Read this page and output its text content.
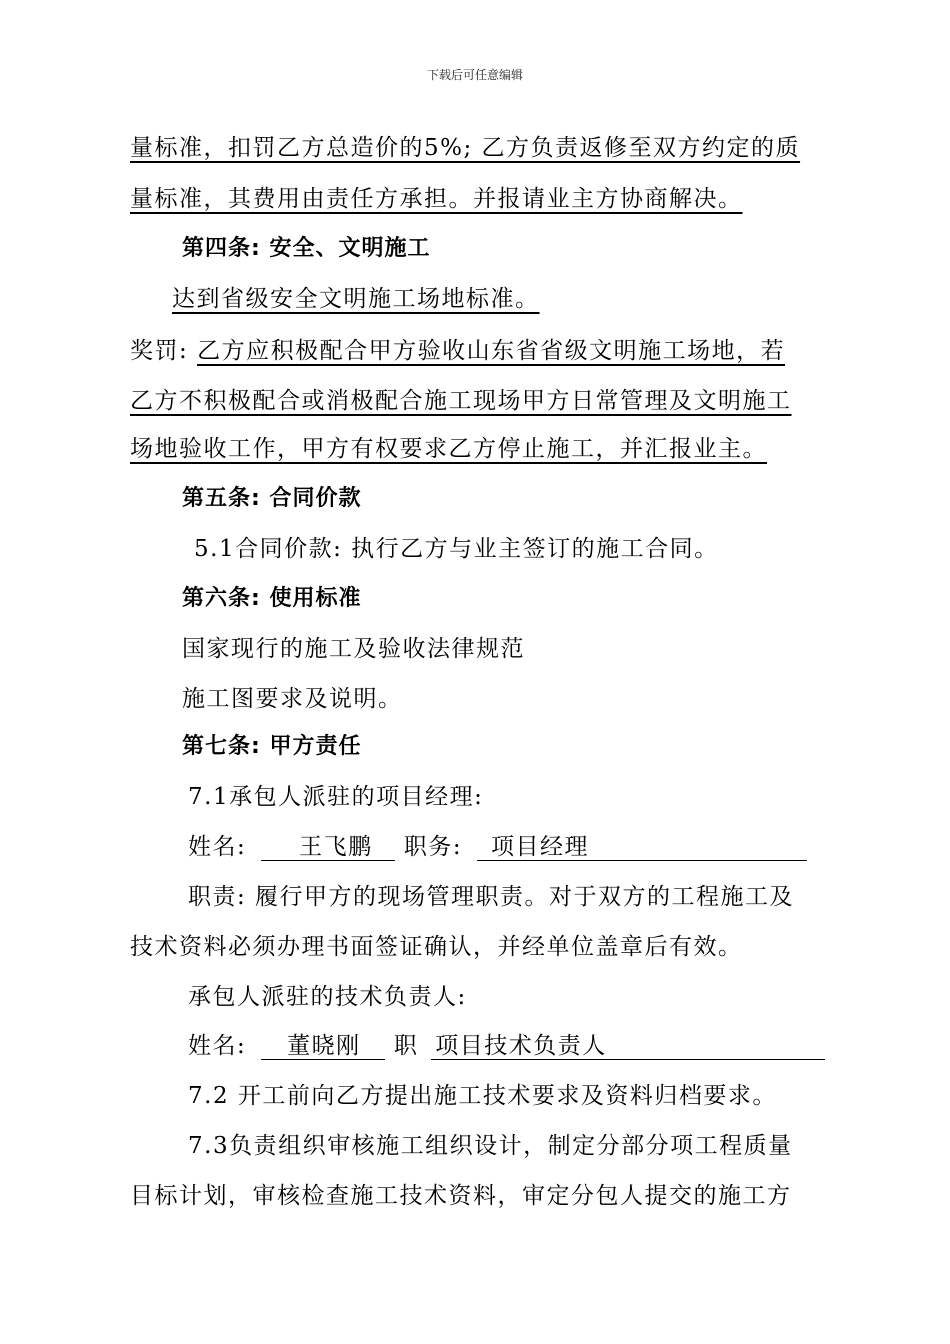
下载后可任意编辑
量标准，扣罚乙方总造价的5%; 乙方负责返修至双方约定的质
量标准，其费用由责任方承担。并报请业主方协商解决。
第四条: 安全、文明施工
达到省级安全文明施工场地标准。
奖罚: 乙方应积极配合甲方验收山东省省级文明施工场地，若
乙方不积极配合或消极配合施工现场甲方日常管理及文明施工
场地验收工作，甲方有权要求乙方停止施工，并汇报业主。
第五条: 合同价款
5.1合同价款: 执行乙方与业主签订的施工合同。
第六条: 使用标准
国家现行的施工及验收法律规范
施工图要求及说明。
第七条: 甲方责任
7.1承包人派驻的项目经理:
姓名: 王飞鹏 职务: 项目经理
职责: 履行甲方的现场管理职责。对于双方的工程施工及
技术资料必须办理书面签证确认，并经单位盖章后有效。
承包人派驻的技术负责人:
姓名: 董晓刚 职 项目技术负责人
7.2 开工前向乙方提出施工技术要求及资料归档要求。
7.3负责组织审核施工组织设计，制定分部分项工程质量
目标计划，审核检查施工技术资料，审定分包人提交的施工方
